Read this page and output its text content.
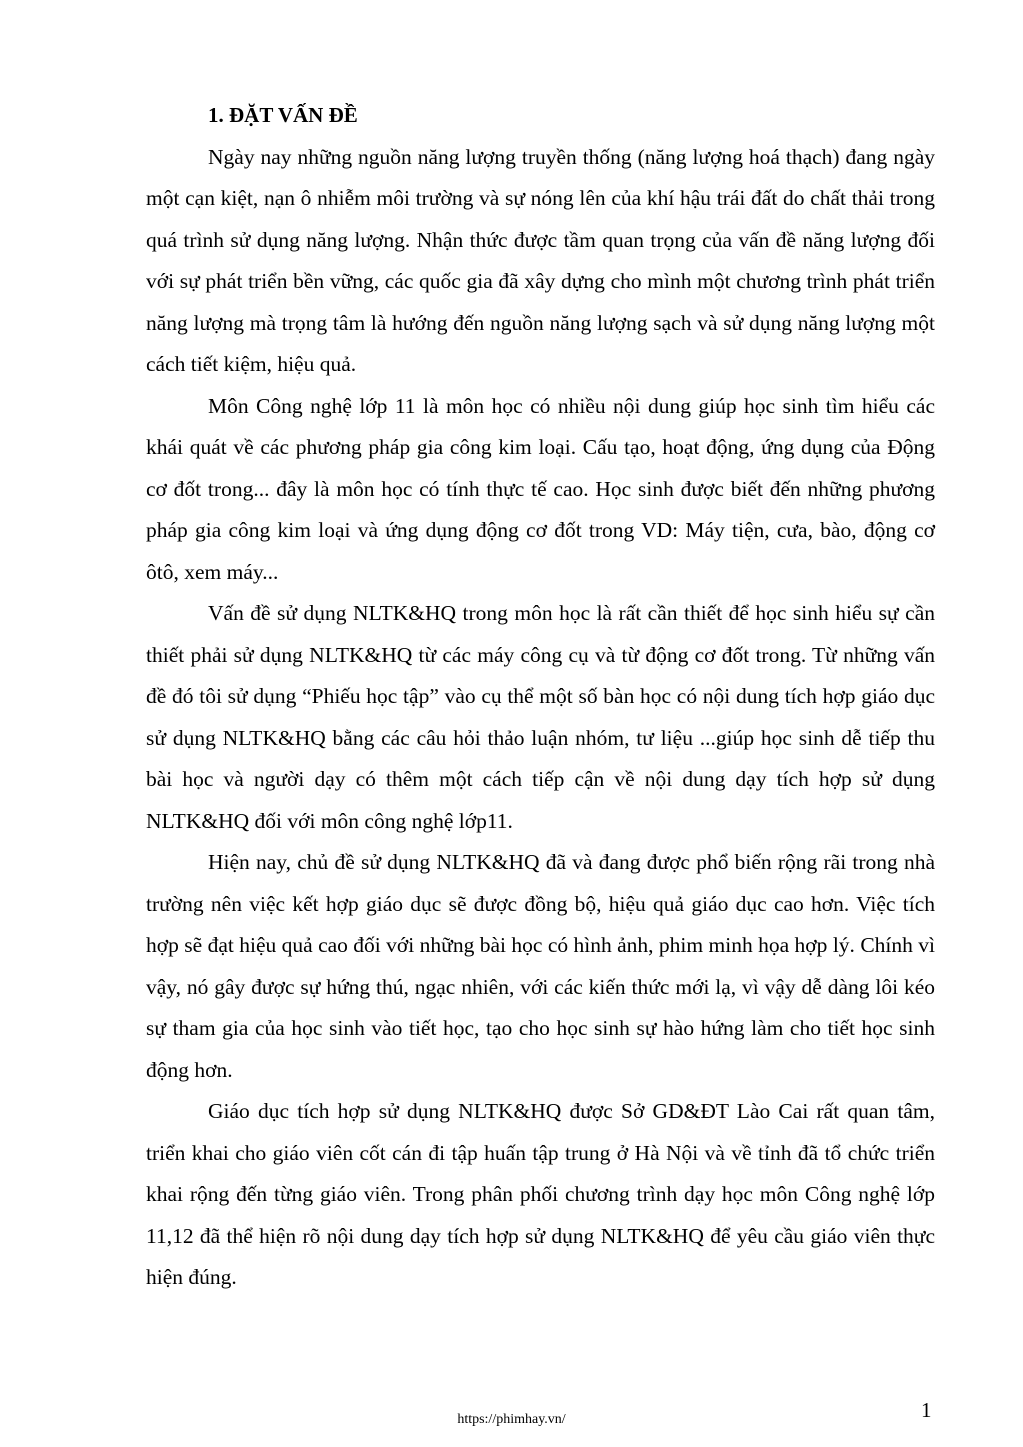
1. ĐẶT VẤN ĐỀ

Ngày nay những nguồn năng lượng truyền thống (năng lượng hoá thạch) đang ngày một cạn kiệt, nạn ô nhiễm môi trường và sự nóng lên của khí hậu trái đất do chất thải trong quá trình sử dụng năng lượng. Nhận thức được tầm quan trọng của vấn đề năng lượng đối với sự phát triển bền vững, các quốc gia đã xây dựng cho mình một chương trình phát triển năng lượng mà trọng tâm là hướng đến nguồn năng lượng sạch và sử dụng năng lượng một cách tiết kiệm, hiệu quả.

Môn Công nghệ lớp 11 là môn học có nhiều nội dung giúp học sinh tìm hiểu các khái quát về các phương pháp gia công kim loại. Cấu tạo, hoạt động, ứng dụng của Động cơ đốt trong... đây là môn học có tính thực tế cao. Học sinh được biết đến những phương pháp gia công kim loại và ứng dụng động cơ đốt trong VD: Máy tiện, cưa, bào, động cơ ôtô, xem máy...

Vấn đề sử dụng NLTK&HQ trong môn học là rất cần thiết để học sinh hiểu sự cần thiết phải sử dụng NLTK&HQ từ các máy công cụ và từ động cơ đốt trong. Từ những vấn đề đó tôi sử dụng “Phiếu học tập” vào cụ thể một số bàn học có nội dung tích hợp giáo dục sử dụng NLTK&HQ bằng các câu hỏi thảo luận nhóm, tư liệu ...giúp học sinh dễ tiếp thu bài học và người dạy có thêm một cách tiếp cận về nội dung dạy tích hợp sử dụng NLTK&HQ đối với môn công nghệ lớp11.

Hiện nay, chủ đề sử dụng NLTK&HQ đã và đang được phổ biến rộng rãi trong nhà trường nên việc kết hợp giáo dục sẽ được đồng bộ, hiệu quả giáo dục cao hơn. Việc tích hợp sẽ đạt hiệu quả cao đối với những bài học có hình ảnh, phim minh họa hợp lý. Chính vì vậy, nó gây được sự hứng thú, ngạc nhiên, với các kiến thức mới lạ, vì vậy dễ dàng lôi kéo sự tham gia của học sinh vào tiết học, tạo cho học sinh sự hào hứng làm cho tiết học sinh động hơn.

Giáo dục tích hợp sử dụng NLTK&HQ được Sở GD&ĐT Lào Cai rất quan tâm, triển khai cho giáo viên cốt cán đi tập huấn tập trung ở Hà Nội và về tỉnh đã tổ chức triển khai rộng đến từng giáo viên. Trong phân phối chương trình dạy học môn Công nghệ lớp 11,12 đã thể hiện rõ nội dung dạy tích hợp sử dụng NLTK&HQ để yêu cầu giáo viên thực hiện đúng.

https://phimhay.vn/	1
